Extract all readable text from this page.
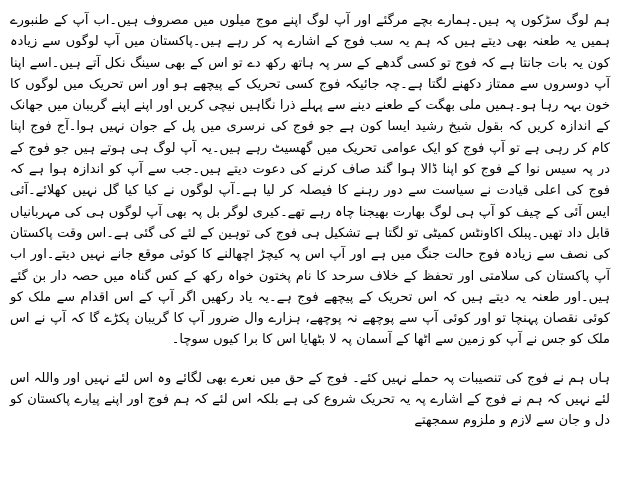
ہم لوگ سڑکوں پہ ہیں۔ہمارے بچے مرگئے اور آپ لوگ اپنے موج میلوں میں مصروف ہیں۔اب آپ کے طنبورے ہمیں یہ طعنہ بھی دیتے ہیں کہ ہم یہ سب فوج کے اشارے پہ کر رہے ہیں۔پاکستان میں آپ لوگوں سے زیادہ کون یہ بات جانتا ہے کہ فوج تو کسی گدھے کے سر پہ ہاتھ رکھ دے تو اس کے بھی سینگ نکل آتے ہیں۔اسے اپنا آپ دوسروں سے ممتاز دکھنے لگتا ہے۔چہ جائیکہ فوج کسی تحریک کے پیچھے ہو اور اس تحریک میں لوگوں کا خون بہہ رہا ہو۔ہمیں ملی بھگت کے طعنے دینے سے پہلے ذرا نگاہیں نیچی کریں اور اپنے اپنے گریبان میں جھانک کے اندازہ کریں کہ بقول شیخ رشید ایسا کون ہے جو فوج کی نرسری میں پل کے جوان نہیں ہوا۔آج فوج اپنا کام کر رہی ہے تو آپ فوج کو ایک عوامی تحریک میں گھسیٹ رہے ہیں۔یہ آپ لوگ ہی ہوتے ہیں جو فوج کے در پہ سیس نوا کے فوج کو اپنا ڈالا ہوا گند صاف کرنے کی دعوت دیتے ہیں۔جب سے آپ کو اندازہ ہوا ہے کہ فوج کی اعلی قیادت نے سیاست سے دور رہنے کا فیصلہ کر لیا ہے۔آپ لوگوں نے کیا کیا گل نہیں کھلائے۔آئی ایس آئی کے چیف کو آپ ہی لوگ بھارت بھیجنا چاہ رہے تھے۔کیری لوگر بل پہ بھی آپ لوگوں ہی کی مہربانیاں قابل داد تھیں۔پبلک اکاونٹس کمیٹی تو لگتا ہے تشکیل ہی فوج کی توہین کے لئے کی گئی ہے۔اس وقت پاکستان کی نصف سے زیادہ فوج حالت جنگ میں ہے اور آپ اس پہ کیچڑ اچھالنے کا کوئی موقع جانے نہیں دیتے۔اور اب آپ پاکستان کی سلامتی اور تحفظ کے خلاف سرحد کا نام پختون خواہ رکھ کے کس گناہ میں حصہ دار بن گئے ہیں۔اور طعنہ یہ دیتے ہیں کہ اس تحریک کے پیچھے فوج ہے۔یہ یاد رکھیں اگر آپ کے اس اقدام سے ملک کو کوئی نقصان پہنچا تو اور کوئی آپ سے پوچھے نہ پوچھے، ہزارے وال ضرور آپ کا گریبان پکڑے گا کہ آپ نے اس ملک کو جس نے آپ کو زمین سے اٹھا کے آسمان پہ لا بٹھایا اس کا برا کیوں سوچا۔

ہاں ہم نے فوج کی تنصیبات پہ حملے نہیں کئے۔ فوج کے حق میں نعرے بھی لگائے وہ اس لئے نہیں اور واللہ اس لئے نہیں کہ ہم نے فوج کے اشارے پہ یہ تحریک شروع کی ہے بلکہ اس لئے کہ ہم فوج اور اپنے پیارے پاکستان کو دل و جان سے لازم و ملزوم سمجھتے
